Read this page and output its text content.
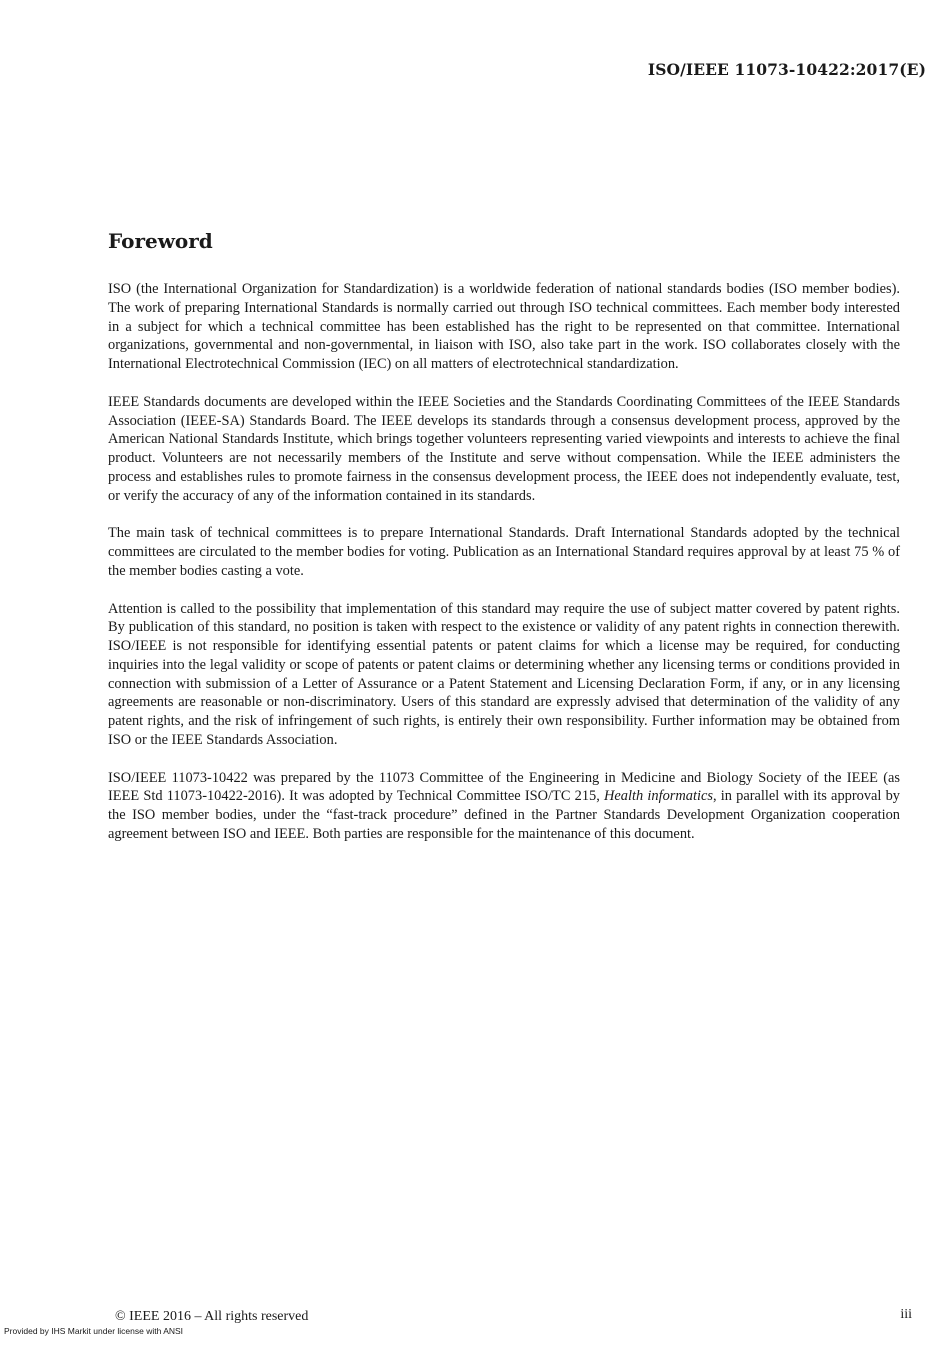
ISO/IEEE 11073-10422:2017(E)
Foreword

ISO (the International Organization for Standardization) is a worldwide federation of national standards bodies (ISO member bodies). The work of preparing International Standards is normally carried out through ISO technical committees. Each member body interested in a subject for which a technical committee has been established has the right to be represented on that committee. International organizations, governmental and non-governmental, in liaison with ISO, also take part in the work. ISO collaborates closely with the International Electrotechnical Commission (IEC) on all matters of electrotechnical standardization.

IEEE Standards documents are developed within the IEEE Societies and the Standards Coordinating Committees of the IEEE Standards Association (IEEE-SA) Standards Board. The IEEE develops its standards through a consensus development process, approved by the American National Standards Institute, which brings together volunteers representing varied viewpoints and interests to achieve the final product. Volunteers are not necessarily members of the Institute and serve without compensation. While the IEEE administers the process and establishes rules to promote fairness in the consensus development process, the IEEE does not independently evaluate, test, or verify the accuracy of any of the information contained in its standards.

The main task of technical committees is to prepare International Standards. Draft International Standards adopted by the technical committees are circulated to the member bodies for voting. Publication as an International Standard requires approval by at least 75 % of the member bodies casting a vote.

Attention is called to the possibility that implementation of this standard may require the use of subject matter covered by patent rights. By publication of this standard, no position is taken with respect to the existence or validity of any patent rights in connection therewith. ISO/IEEE is not responsible for identifying essential patents or patent claims for which a license may be required, for conducting inquiries into the legal validity or scope of patents or patent claims or determining whether any licensing terms or conditions provided in connection with submission of a Letter of Assurance or a Patent Statement and Licensing Declaration Form, if any, or in any licensing agreements are reasonable or non-discriminatory. Users of this standard are expressly advised that determination of the validity of any patent rights, and the risk of infringement of such rights, is entirely their own responsibility. Further information may be obtained from ISO or the IEEE Standards Association.

ISO/IEEE 11073-10422 was prepared by the 11073 Committee of the Engineering in Medicine and Biology Society of the IEEE (as IEEE Std 11073-10422-2016). It was adopted by Technical Committee ISO/TC 215, Health informatics, in parallel with its approval by the ISO member bodies, under the “fast-track procedure” defined in the Partner Standards Development Organization cooperation agreement between ISO and IEEE. Both parties are responsible for the maintenance of this document.

© IEEE 2016 – All rights reserved	iii
Provided by IHS Markit under license with ANSI
